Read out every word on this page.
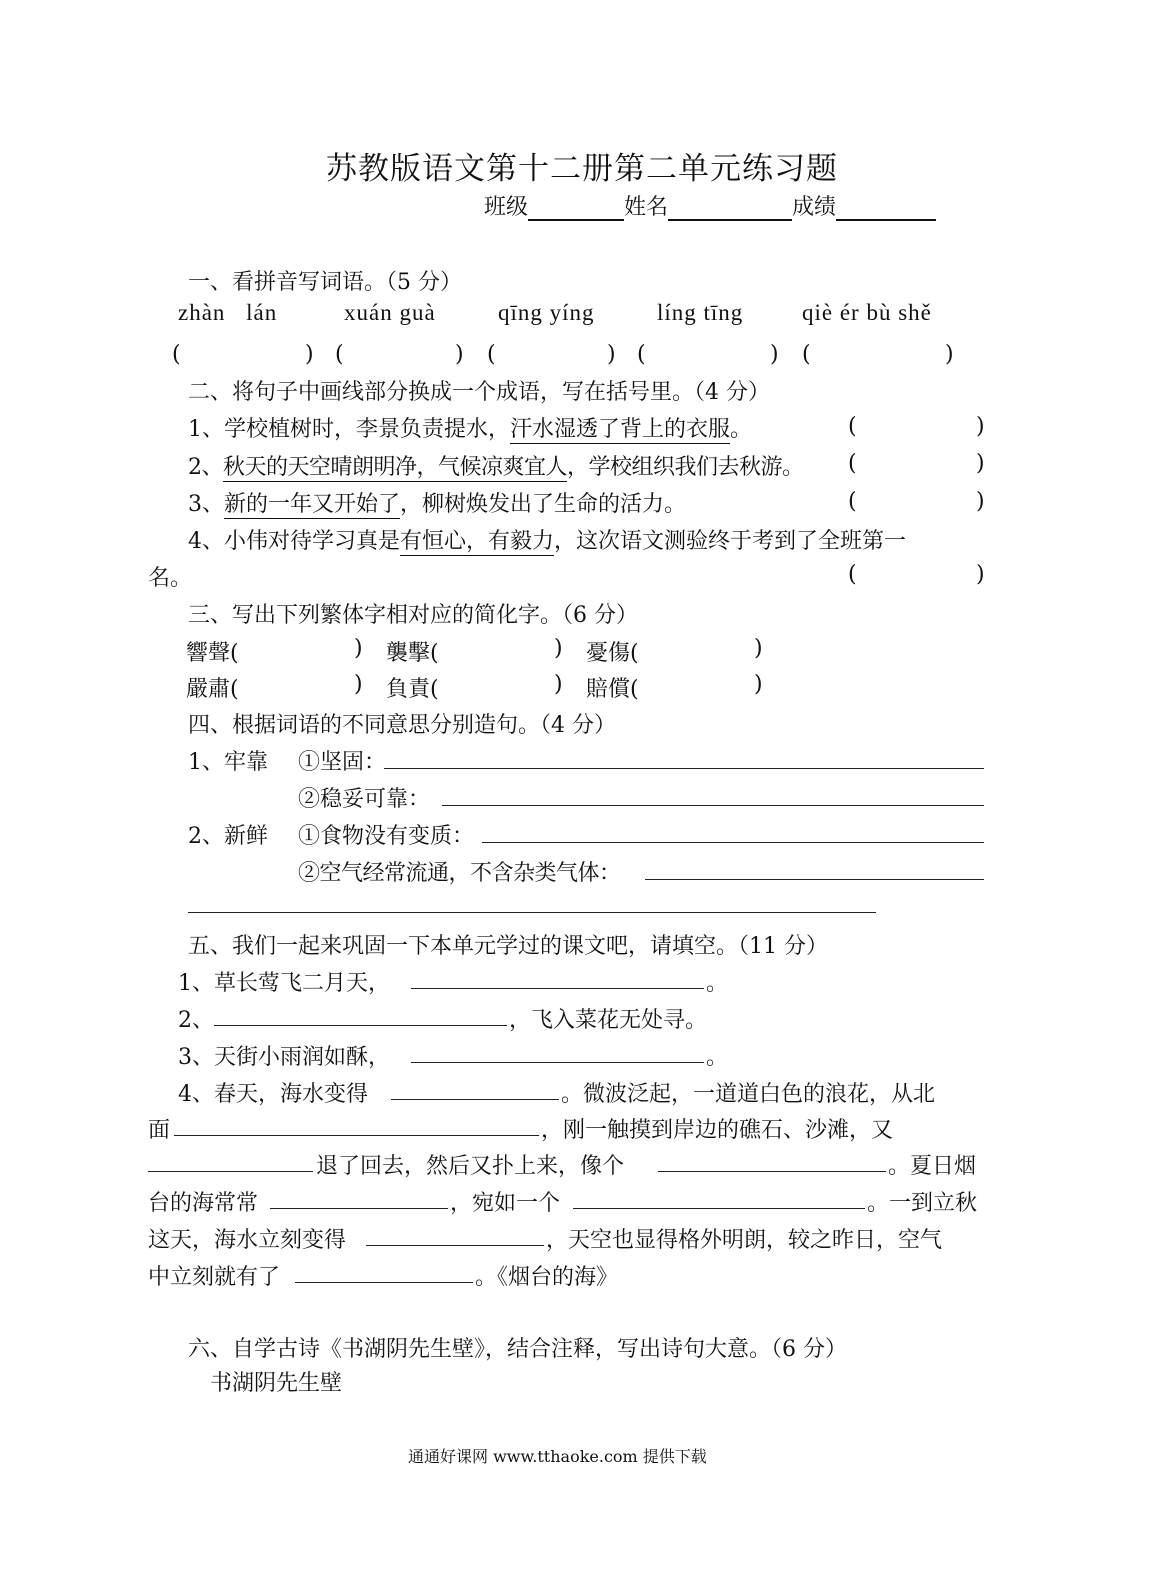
苏教版语文第十二册第二单元练习题
班级	姓名	成绩
一、看拼音写词语。（5 分）
zhàn lán	xuán guà	qīng yíng	líng tīng	qiè ér bù shě
(	) (	) (	) (	) (	)
二、将句子中画线部分换成一个成语，写在括号里。（4 分）
1、学校植树时，李景负责提水，汗水湿透了背上的衣服。	(	)
2、秋天的天空晴朗明净，气候凉爽宜人，学校组织我们去秋游。 (	)
3、新的一年又开始了，柳树焕发出了生命的活力。	(	)
4、小伟对待学习真是有恒心，有毅力，这次语文测验终于考到了全班第一
名。	(	)
三、写出下列繁体字相对应的简化字。（6 分）
響聲(	) 襲擊(	) 憂傷(	)
嚴肅(	) 負責(	) 賠償(	)
四、根据词语的不同意思分别造句。（4 分）
1、牢靠 ①坚固：
②稳妥可靠：
2、新鲜 ①食物没有变质：
②空气经常流通，不含杂类气体：
五、我们一起来巩固一下本单元学过的课文吧，请填空。（11 分）
1、草长莺飞二月天，	。
2、	，飞入菜花无处寻。
3、天街小雨润如酥，	。
4、春天，海水变得	。微波泛起，一道道白色的浪花，从北
面	，刚一触摸到岸边的礁石、沙滩，又
退了回去，然后又扑上来，像个	。夏日烟
台的海常常	，宛如一个	。一到立秋
这天，海水立刻变得	，天空也显得格外明朗，较之昨日，空气
中立刻就有了	。《烟台的海》
六、自学古诗《书湖阴先生壁》，结合注释，写出诗句大意。（6 分）
书湖阴先生壁
通通好课网 www.tthaoke.com 提供下载
